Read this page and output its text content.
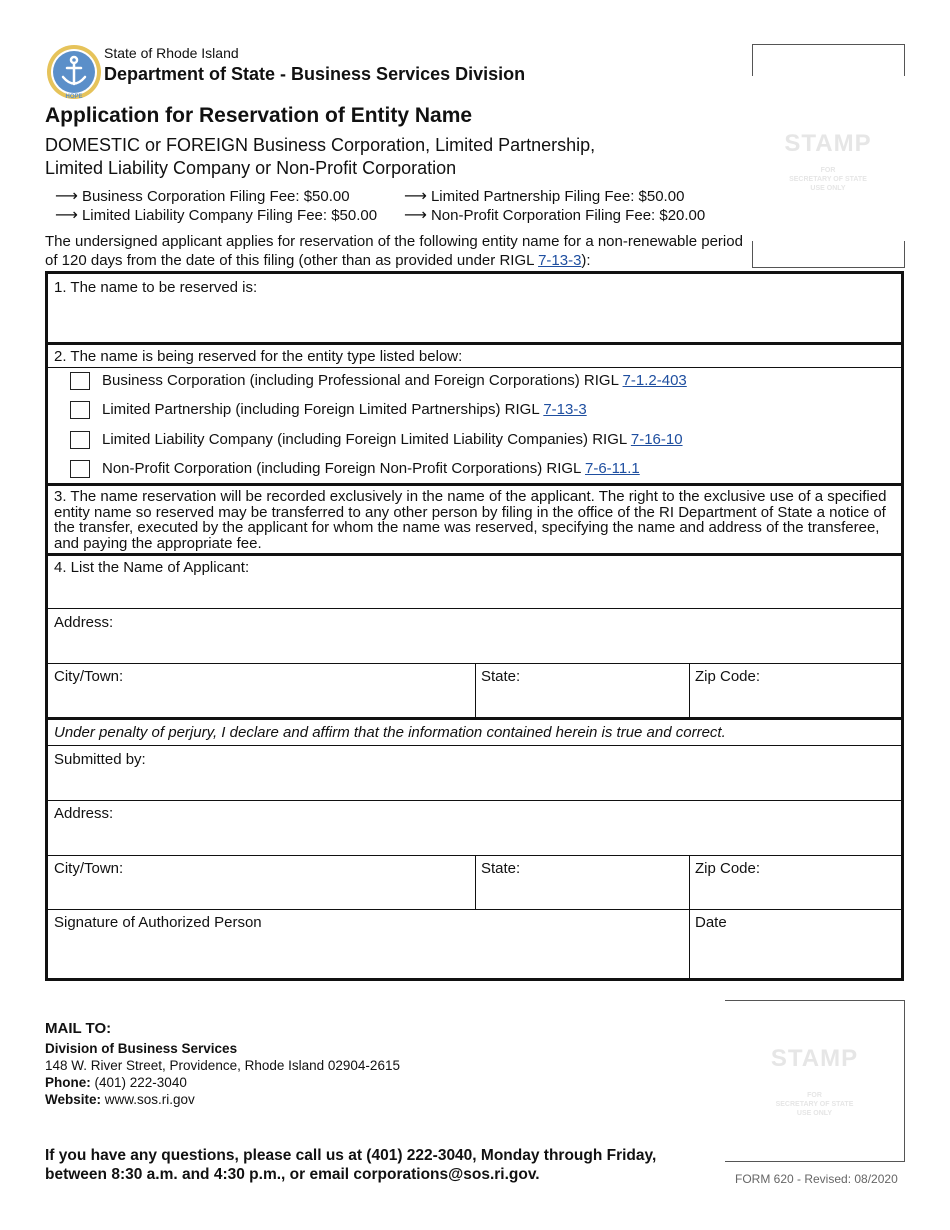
HOPE
State of Rhode Island
Department of State - Business Services Division
Application for Reservation of Entity Name
DOMESTIC or FOREIGN Business Corporation, Limited Partnership,
Limited Liability Company or Non-Profit Corporation
⟶ Business Corporation Filing Fee: $50.00	⟶ Limited Partnership Filing Fee: $50.00
⟶ Limited Liability Company Filing Fee: $50.00 ⟶ Non-Profit Corporation Filing Fee: $20.00
The undersigned applicant applies for reservation of the following entity name for a non-renewable period of 120 days from the date of this filing (other than as provided under RIGL 7-13-3):
STAMP
FOR
SECRETARY OF STATE
USE ONLY
1. The name to be reserved is:
2. The name is being reserved for the entity type listed below:
Business Corporation (including Professional and Foreign Corporations) RIGL 7-1.2-403
Limited Partnership (including Foreign Limited Partnerships) RIGL 7-13-3
Limited Liability Company (including Foreign Limited Liability Companies) RIGL 7-16-10
Non-Profit Corporation (including Foreign Non-Profit Corporations) RIGL 7-6-11.1
3. The name reservation will be recorded exclusively in the name of the applicant. The right to the exclusive use of a specified entity name so reserved may be transferred to any other person by filing in the office of the RI Department of State a notice of the transfer, executed by the applicant for whom the name was reserved, specifying the name and address of the transferee, and paying the appropriate fee.
4. List the Name of Applicant:
Address:
City/Town:	State:	Zip Code:
Under penalty of perjury, I declare and affirm that the information contained herein is true and correct.
Submitted by:
Address:
City/Town:	State:	Zip Code:
Signature of Authorized Person	Date
MAIL TO:
Division of Business Services
148 W. River Street, Providence, Rhode Island 02904-2615
Phone: (401) 222-3040
Website: www.sos.ri.gov
STAMP
FOR
SECRETARY OF STATE
USE ONLY
If you have any questions, please call us at (401) 222-3040, Monday through Friday,
between 8:30 a.m. and 4:30 p.m., or email corporations@sos.ri.gov.	FORM 620 - Revised: 08/2020
